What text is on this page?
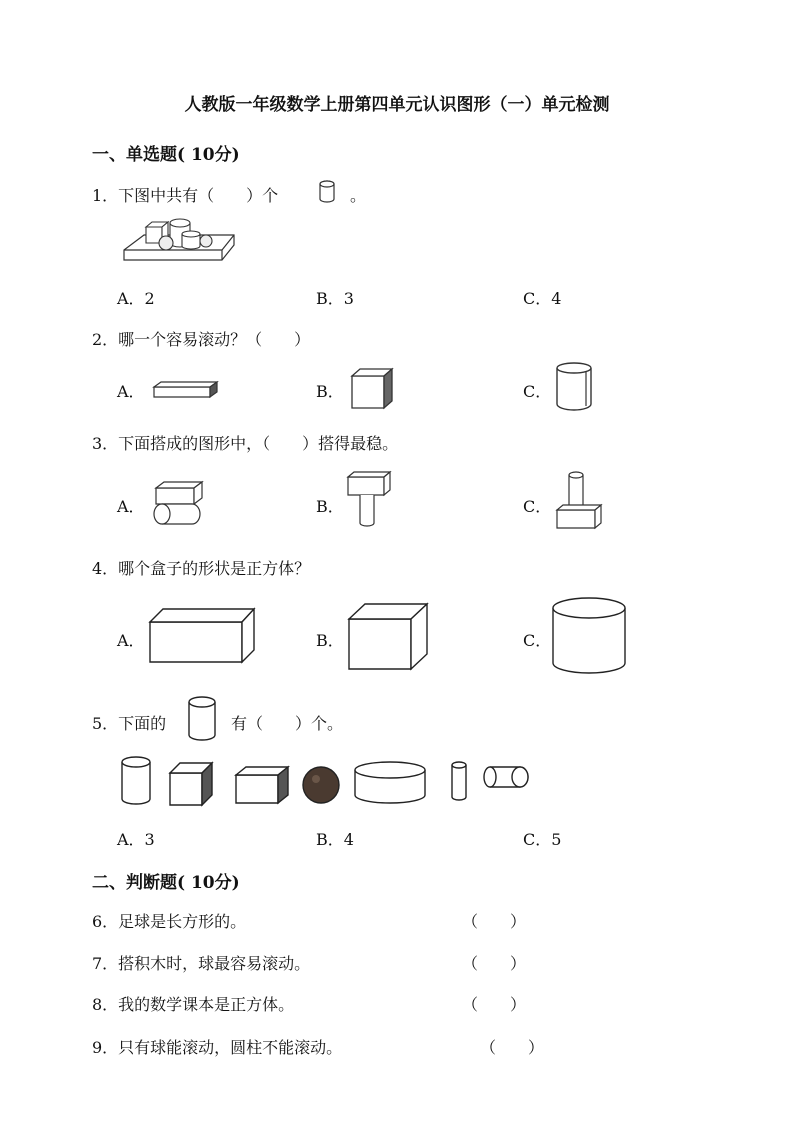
人教版一年级数学上册第四单元认识图形（一）单元检测
一、单选题( 10分)
1．下图中共有（　　）个	。
A．2	B．3	C．4
2．哪一个容易滚动？（　　）
A．	B．	C．
3．下面搭成的图形中，（　　）搭得最稳。
A．	B．	C．
4．哪个盒子的形状是正方体？
A．	B．	C．
5．下面的	有（　　）个。
A．3	B．4	C．5
二、判断题( 10分)
6．足球是长方形的。	（　　）
7．搭积木时，球最容易滚动。	（　　）
8．我的数学课本是正方体。	（　　）
9．只有球能滚动，圆柱不能滚动。	（　　）
